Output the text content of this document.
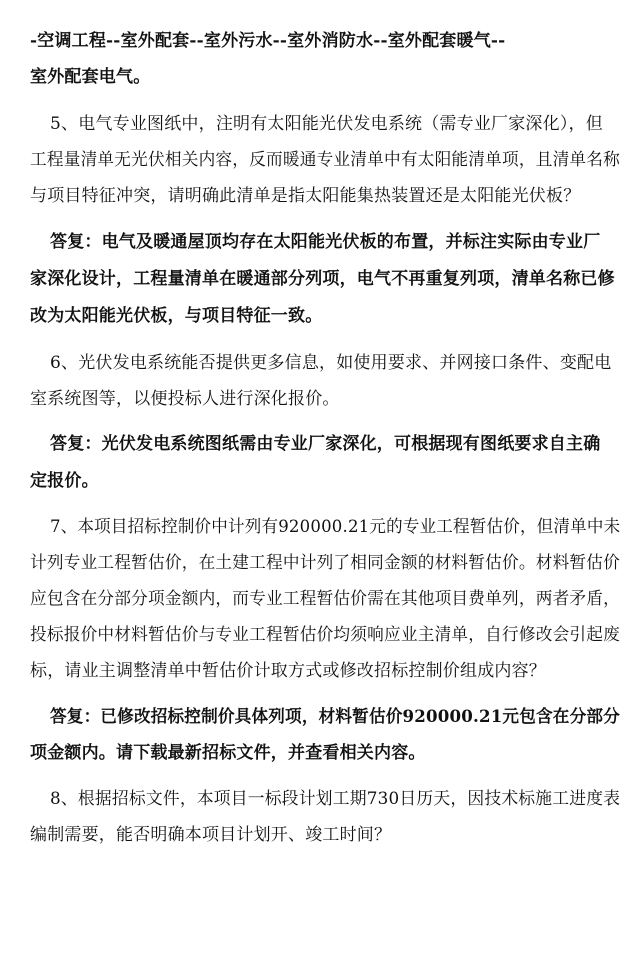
-空调工程--室外配套--室外污水--室外消防水--室外配套暖气--
室外配套电气。
5、电气专业图纸中，注明有太阳能光伏发电系统（需专业厂家深化），但
工程量清单无光伏相关内容，反而暖通专业清单中有太阳能清单项，且清单名称
与项目特征冲突，请明确此清单是指太阳能集热装置还是太阳能光伏板？
答复：电气及暖通屋顶均存在太阳能光伏板的布置，并标注实际由专业厂
家深化设计，工程量清单在暖通部分列项，电气不再重复列项，清单名称已修
改为太阳能光伏板，与项目特征一致。
6、光伏发电系统能否提供更多信息，如使用要求、并网接口条件、变配电
室系统图等，以便投标人进行深化报价。
答复：光伏发电系统图纸需由专业厂家深化，可根据现有图纸要求自主确
定报价。
7、本项目招标控制价中计列有920000.21元的专业工程暂估价，但清单中未
计列专业工程暂估价，在土建工程中计列了相同金额的材料暂估价。材料暂估价
应包含在分部分项金额内，而专业工程暂估价需在其他项目费单列，两者矛盾，
投标报价中材料暂估价与专业工程暂估价均须响应业主清单，自行修改会引起废
标，请业主调整清单中暂估价计取方式或修改招标控制价组成内容？
答复：已修改招标控制价具体列项，材料暂估价920000.21元包含在分部分
项金额内。请下载最新招标文件，并查看相关内容。
8、根据招标文件，本项目一标段计划工期730日历天，因技术标施工进度表
编制需要，能否明确本项目计划开、竣工时间？
